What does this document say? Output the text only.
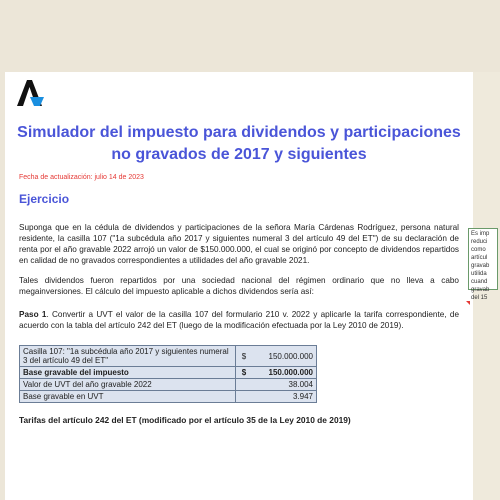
Simulador del impuesto para dividendos y participaciones no gravados de 2017 y siguientes
Fecha de actualización: julio 14 de 2023
Ejercicio
Suponga que en la cédula de dividendos y participaciones de la señora María Cárdenas Rodríguez, persona natural residente, la casilla 107 ("1a subcédula año 2017 y siguientes numeral 3 del artículo 49 del ET") de su declaración de renta por el año gravable 2022 arrojó un valor de $150.000.000, el cual se originó por concepto de dividendos repartidos en calidad de no gravados correspondientes a utilidades del año gravable 2021.
Tales dividendos fueron repartidos por una sociedad nacional del régimen ordinario que no lleva a cabo megainversiones. El cálculo del impuesto aplicable a dichos dividendos sería así:
Paso 1. Convertir a UVT el valor de la casilla 107 del formulario 210 v. 2022 y aplicarle la tarifa correspondiente, de acuerdo con la tabla del artículo 242 del ET (luego de la modificación efectuada por la Ley 2010 de 2019).
Casilla 107: "1a subcédula año 2017 y siguientes numeral 3 del artículo 49 del ET"	$	150.000.000
Base gravable del impuesto	$	150.000.000
Valor de UVT del año gravable 2022		38.004
Base gravable en UVT		3.947
Tarifas del artículo 242 del ET (modificado por el artículo 35 de la Ley 2010 de 2019)
Es imp
reduci
como
artícul
gravab
utilida
cuand
gravab
del 15
